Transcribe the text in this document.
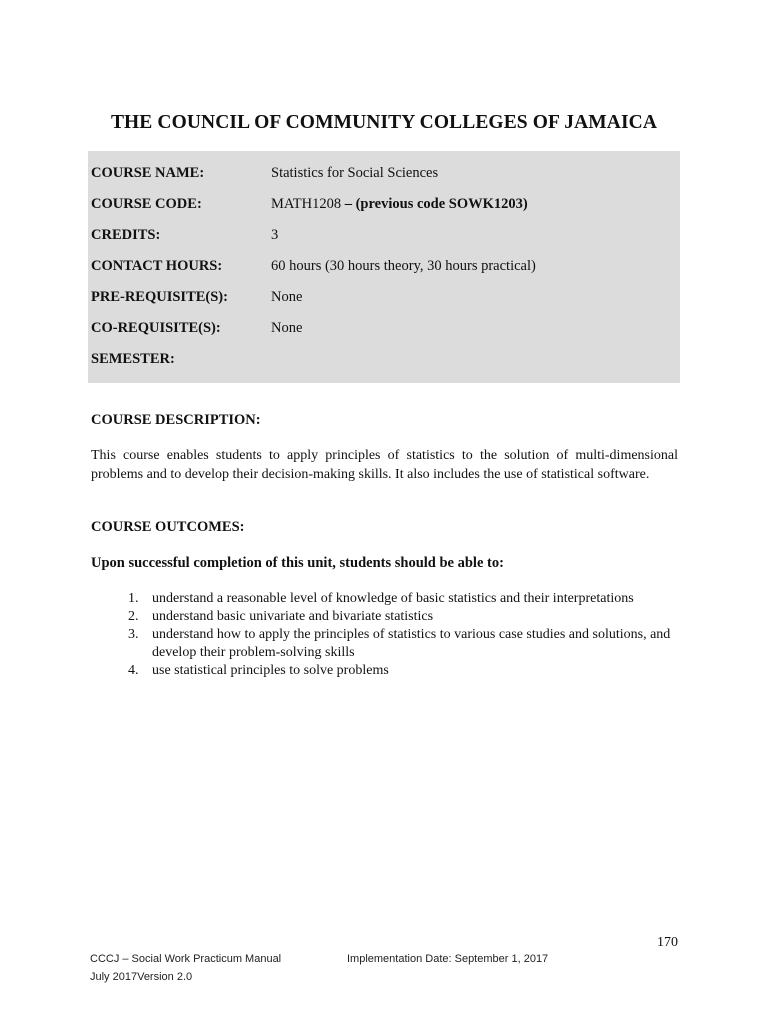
THE COUNCIL OF COMMUNITY COLLEGES OF JAMAICA
COURSE NAME:	Statistics for Social Sciences
COURSE CODE:	MATH1208 – (previous code SOWK1203)
CREDITS:	3
CONTACT HOURS:	60 hours (30 hours theory, 30 hours practical)
PRE-REQUISITE(S):	None
CO-REQUISITE(S):	None
SEMESTER:
COURSE DESCRIPTION:
This course enables students to apply principles of statistics to the solution of multi-dimensional problems and to develop their decision-making skills. It also includes the use of statistical software.
COURSE OUTCOMES:
Upon successful completion of this unit, students should be able to:
1. understand a reasonable level of knowledge of basic statistics and their interpretations
2. understand basic univariate and bivariate statistics
3. understand how to apply the principles of statistics to various case studies and solutions, and develop their problem-solving skills
4. use statistical principles to solve problems
170
CCCJ – Social Work Practicum Manual
July 2017Version 2.0
Implementation Date: September 1, 2017
